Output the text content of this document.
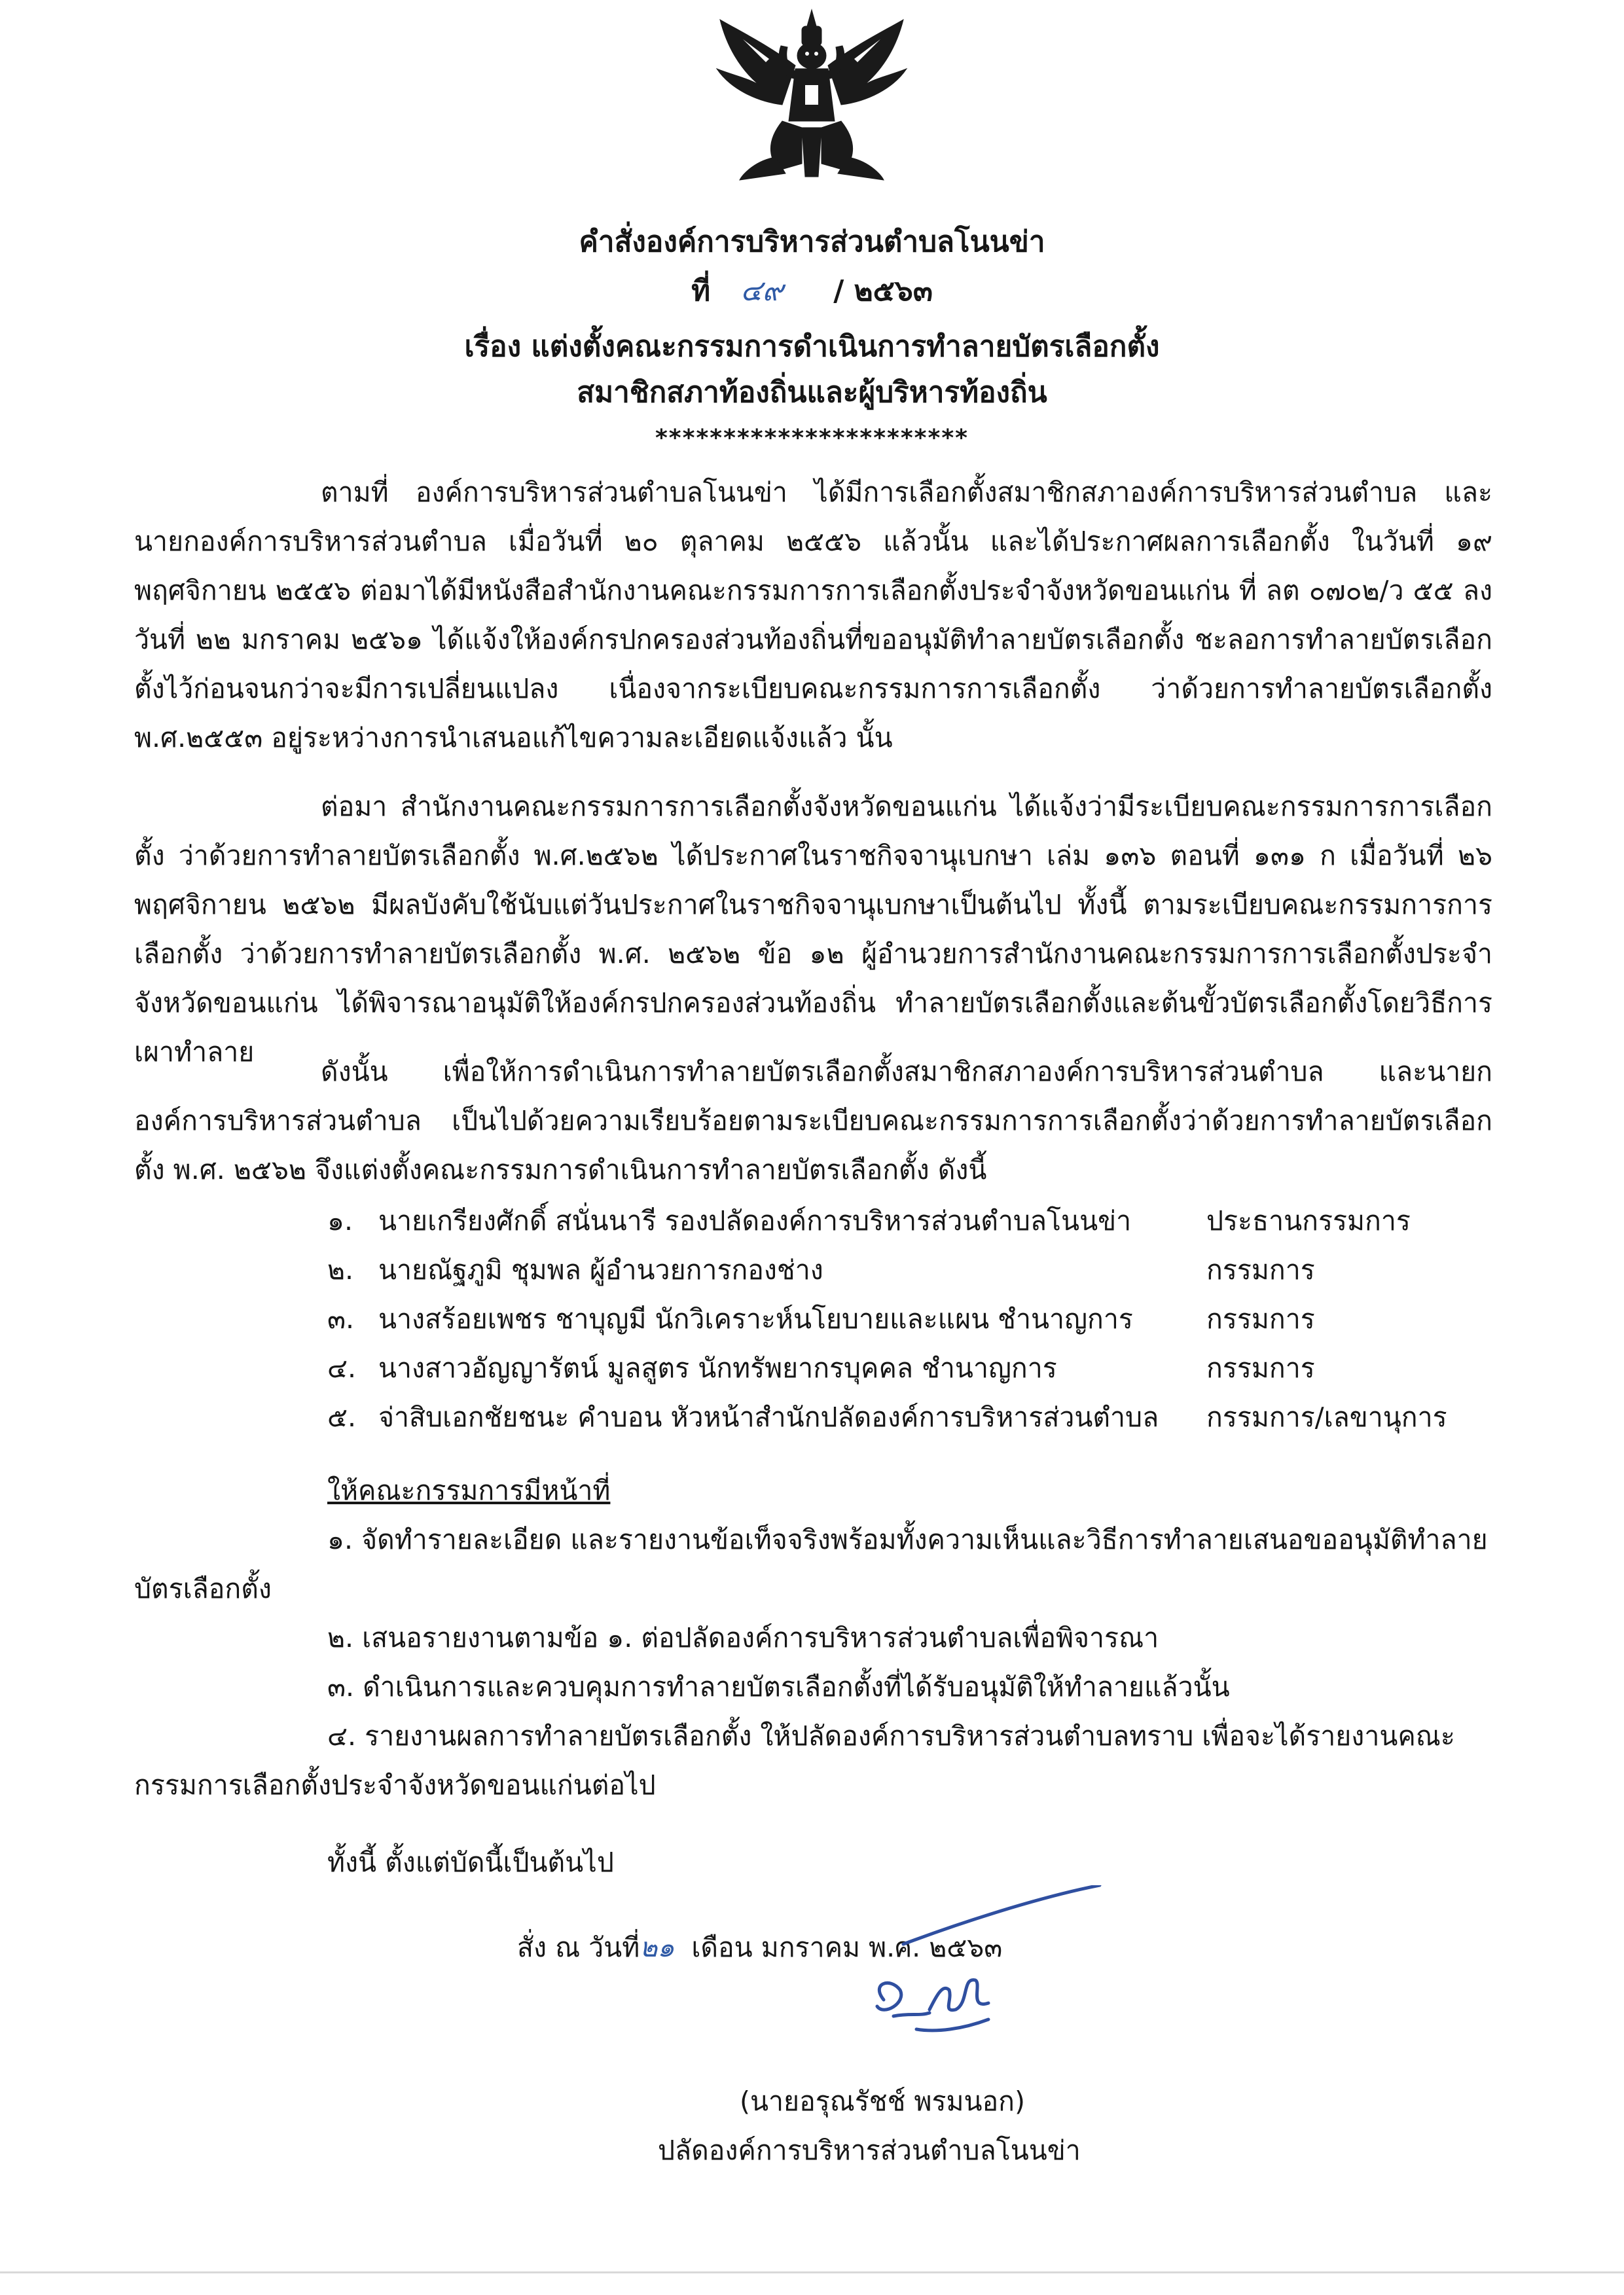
คำสั่งองค์การบริหารส่วนตำบลโนนข่า
ที่ ๔๙ / ๒๕๖๓
เรื่อง แต่งตั้งคณะกรรมการดำเนินการทำลายบัตรเลือกตั้ง
สมาชิกสภาท้องถิ่นและผู้บริหารท้องถิ่น
***********************

ตามที่ องค์การบริหารส่วนตำบลโนนข่า ได้มีการเลือกตั้งสมาชิกสภาองค์การบริหารส่วนตำบล และนายกองค์การบริหารส่วนตำบล เมื่อวันที่ ๒๐ ตุลาคม ๒๕๕๖ แล้วนั้น และได้ประกาศผลการเลือกตั้ง ในวันที่ ๑๙ พฤศจิกายน ๒๕๕๖ ต่อมาได้มีหนังสือสำนักงานคณะกรรมการการเลือกตั้งประจำจังหวัดขอนแก่น ที่ ลต ๐๗๐๒/ว ๕๕ ลงวันที่ ๒๒ มกราคม ๒๕๖๑ ได้แจ้งให้องค์กรปกครองส่วนท้องถิ่นที่ขออนุมัติทำลายบัตรเลือกตั้ง ชะลอการทำลายบัตรเลือกตั้งไว้ก่อนจนกว่าจะมีการเปลี่ยนแปลง เนื่องจากระเบียบคณะกรรมการการเลือกตั้ง ว่าด้วยการทำลายบัตรเลือกตั้ง พ.ศ.๒๕๕๓ อยู่ระหว่างการนำเสนอแก้ไขความละเอียดแจ้งแล้ว นั้น

ต่อมา สำนักงานคณะกรรมการการเลือกตั้งจังหวัดขอนแก่น ได้แจ้งว่ามีระเบียบคณะกรรมการการเลือกตั้ง ว่าด้วยการทำลายบัตรเลือกตั้ง พ.ศ.๒๕๖๒ ได้ประกาศในราชกิจจานุเบกษา เล่ม ๑๓๖ ตอนที่ ๑๓๑ ก เมื่อวันที่ ๒๖ พฤศจิกายน ๒๕๖๒ มีผลบังคับใช้นับแต่วันประกาศในราชกิจจานุเบกษาเป็นต้นไป ทั้งนี้ ตามระเบียบคณะกรรมการการเลือกตั้ง ว่าด้วยการทำลายบัตรเลือกตั้ง พ.ศ. ๒๕๖๒ ข้อ ๑๒ ผู้อำนวยการสำนักงานคณะกรรมการการเลือกตั้งประจำจังหวัดขอนแก่น ได้พิจารณาอนุมัติให้องค์กรปกครองส่วนท้องถิ่น ทำลายบัตรเลือกตั้งและต้นขั้วบัตรเลือกตั้งโดยวิธีการเผาทำลาย

ดังนั้น เพื่อให้การดำเนินการทำลายบัตรเลือกตั้งสมาชิกสภาองค์การบริหารส่วนตำบล และนายกองค์การบริหารส่วนตำบล เป็นไปด้วยความเรียบร้อยตามระเบียบคณะกรรมการการเลือกตั้งว่าด้วยการทำลายบัตรเลือกตั้ง พ.ศ. ๒๕๖๒ จึงแต่งตั้งคณะกรรมการดำเนินการทำลายบัตรเลือกตั้ง ดังนี้

๑. นายเกรียงศักดิ์ สนั่นนารี รองปลัดองค์การบริหารส่วนตำบลโนนข่า	ประธานกรรมการ
๒. นายณัฐภูมิ ชุมพล ผู้อำนวยการกองช่าง	กรรมการ
๓. นางสร้อยเพชร ชาบุญมี นักวิเคราะห์นโยบายและแผน ชำนาญการ	กรรมการ
๔. นางสาวอัญญารัตน์ มูลสูตร นักทรัพยากรบุคคล ชำนาญการ	กรรมการ
๕. จ่าสิบเอกชัยชนะ คำบอน หัวหน้าสำนักปลัดองค์การบริหารส่วนตำบล กรรมการ/เลขานุการ
ให้คณะกรรมการมีหน้าที่

๑. จัดทำรายละเอียด และรายงานข้อเท็จจริงพร้อมทั้งความเห็นและวิธีการทำลายเสนอขออนุมัติทำลายบัตรเลือกตั้ง

๒. เสนอรายงานตามข้อ ๑. ต่อปลัดองค์การบริหารส่วนตำบลเพื่อพิจารณา

๓. ดำเนินการและควบคุมการทำลายบัตรเลือกตั้งที่ได้รับอนุมัติให้ทำลายแล้วนั้น

๔. รายงานผลการทำลายบัตรเลือกตั้ง ให้ปลัดองค์การบริหารส่วนตำบลทราบ เพื่อจะได้รายงานคณะกรรมการเลือกตั้งประจำจังหวัดขอนแก่นต่อไป

ทั้งนี้ ตั้งแต่บัดนี้เป็นต้นไป
สั่ง ณ วันที่๒๑ เดือน มกราคม พ.ศ. ๒๕๖๓
(นายอรุณรัชช์ พรมนอก)
ปลัดองค์การบริหารส่วนตำบลโนนข่า
